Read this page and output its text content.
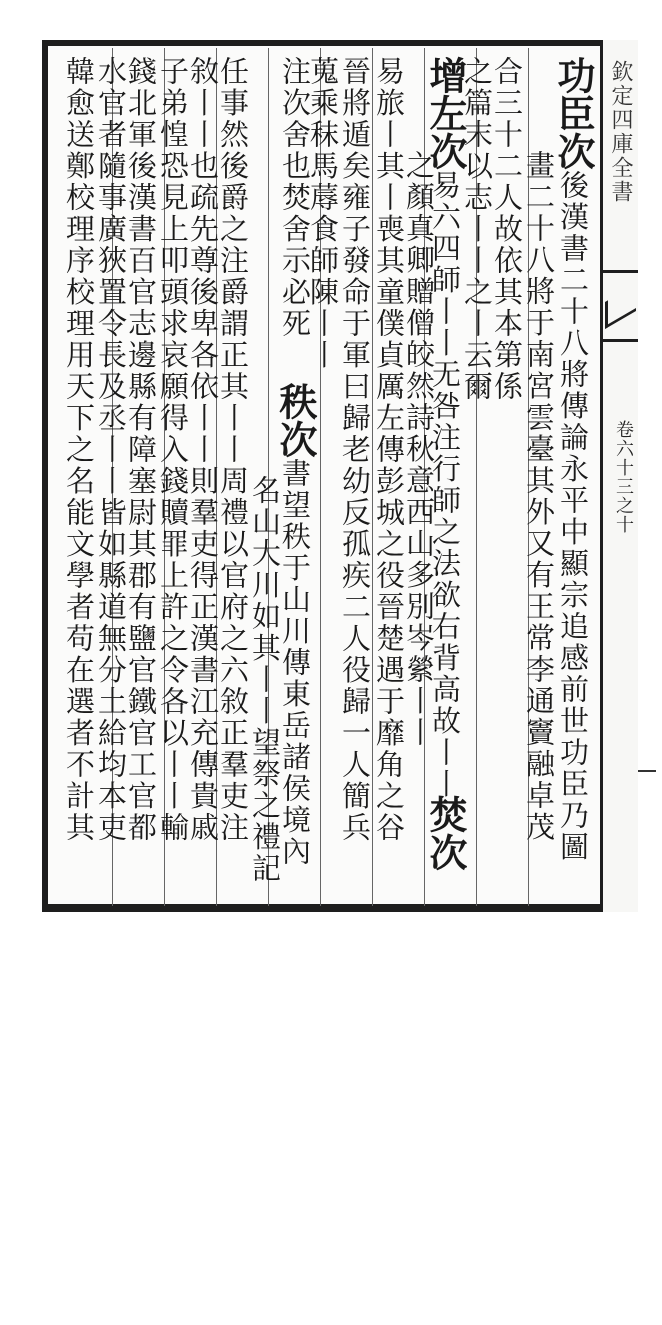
欽定四庫全書
卷六十三之十
功臣次後漢書二十八將傳論永平中顯宗追感前世功臣乃圖
畫二十八將于南宮雲臺其外又有王常李通竇融卓茂
合三十二人故依其本第係
之篇末以志丨丨之丨云爾
增左次易六四師丨丨无咎注行師之法欲右背高故丨丨
之顏真卿贈僧皎然詩秋意西山多別岑縈丨丨
易旅丨其丨喪其童僕貞厲左傳彭城之役晉楚遇于靡角之谷
晉將遁矣雍子發命于軍曰歸老幼反孤疾二人役歸一人簡兵
蒐乘秣馬蓐食師陳丨丨
秩次書望秩于山川傳東岳諸侯境內
名山大川如其丨丨望祭之禮記
任事然後爵之注爵謂正其丨丨周禮以官府之六敘正羣吏注
敘丨丨也疏先尊後卑各依丨丨則羣吏得正漢書江充傳貴戚
子弟惶恐見上叩頭求哀願得入錢贖罪上許之令各以丨丨輸
錢北軍後漢書百官志邊縣有障塞尉其郡有鹽官鐵官工官都
水官者隨事廣狹置令長及丞丨丨皆如縣道無分土給均本吏
韓愈送鄭校理序校理用天下之名能文學者苟在選者不計其	焚次
注次舍也焚舍示必死
